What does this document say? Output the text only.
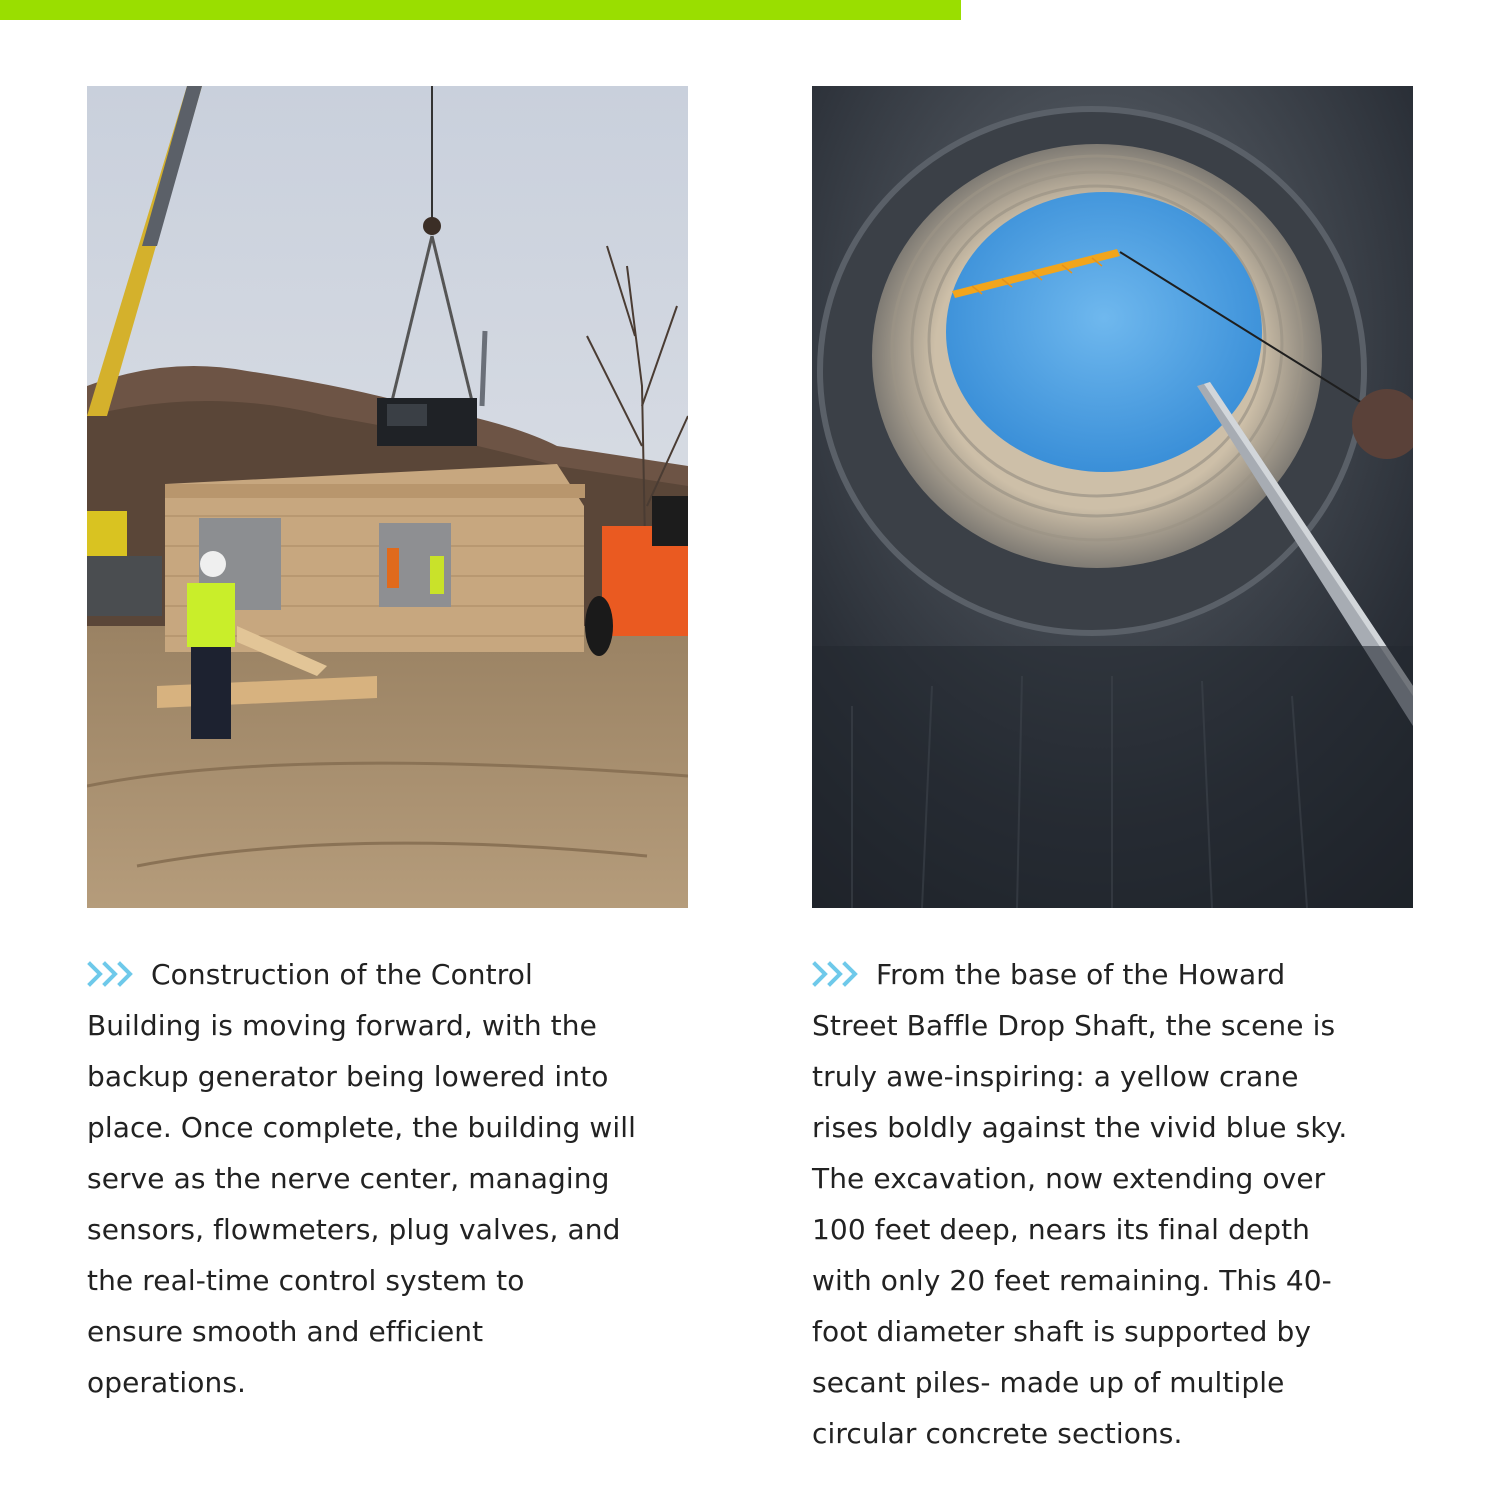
Construction of the Control
Building is moving forward, with the
backup generator being lowered into
place. Once complete, the building will
serve as the nerve center, managing
sensors, flowmeters, plug valves, and
the real-time control system to
ensure smooth and efficient
operations.

From the base of the Howard
Street Baffle Drop Shaft, the scene is
truly awe-inspiring: a yellow crane
rises boldly against the vivid blue sky.
The excavation, now extending over
100 feet deep, nears its final depth
with only 20 feet remaining. This 40-
foot diameter shaft is supported by
secant piles- made up of multiple
circular concrete sections.
